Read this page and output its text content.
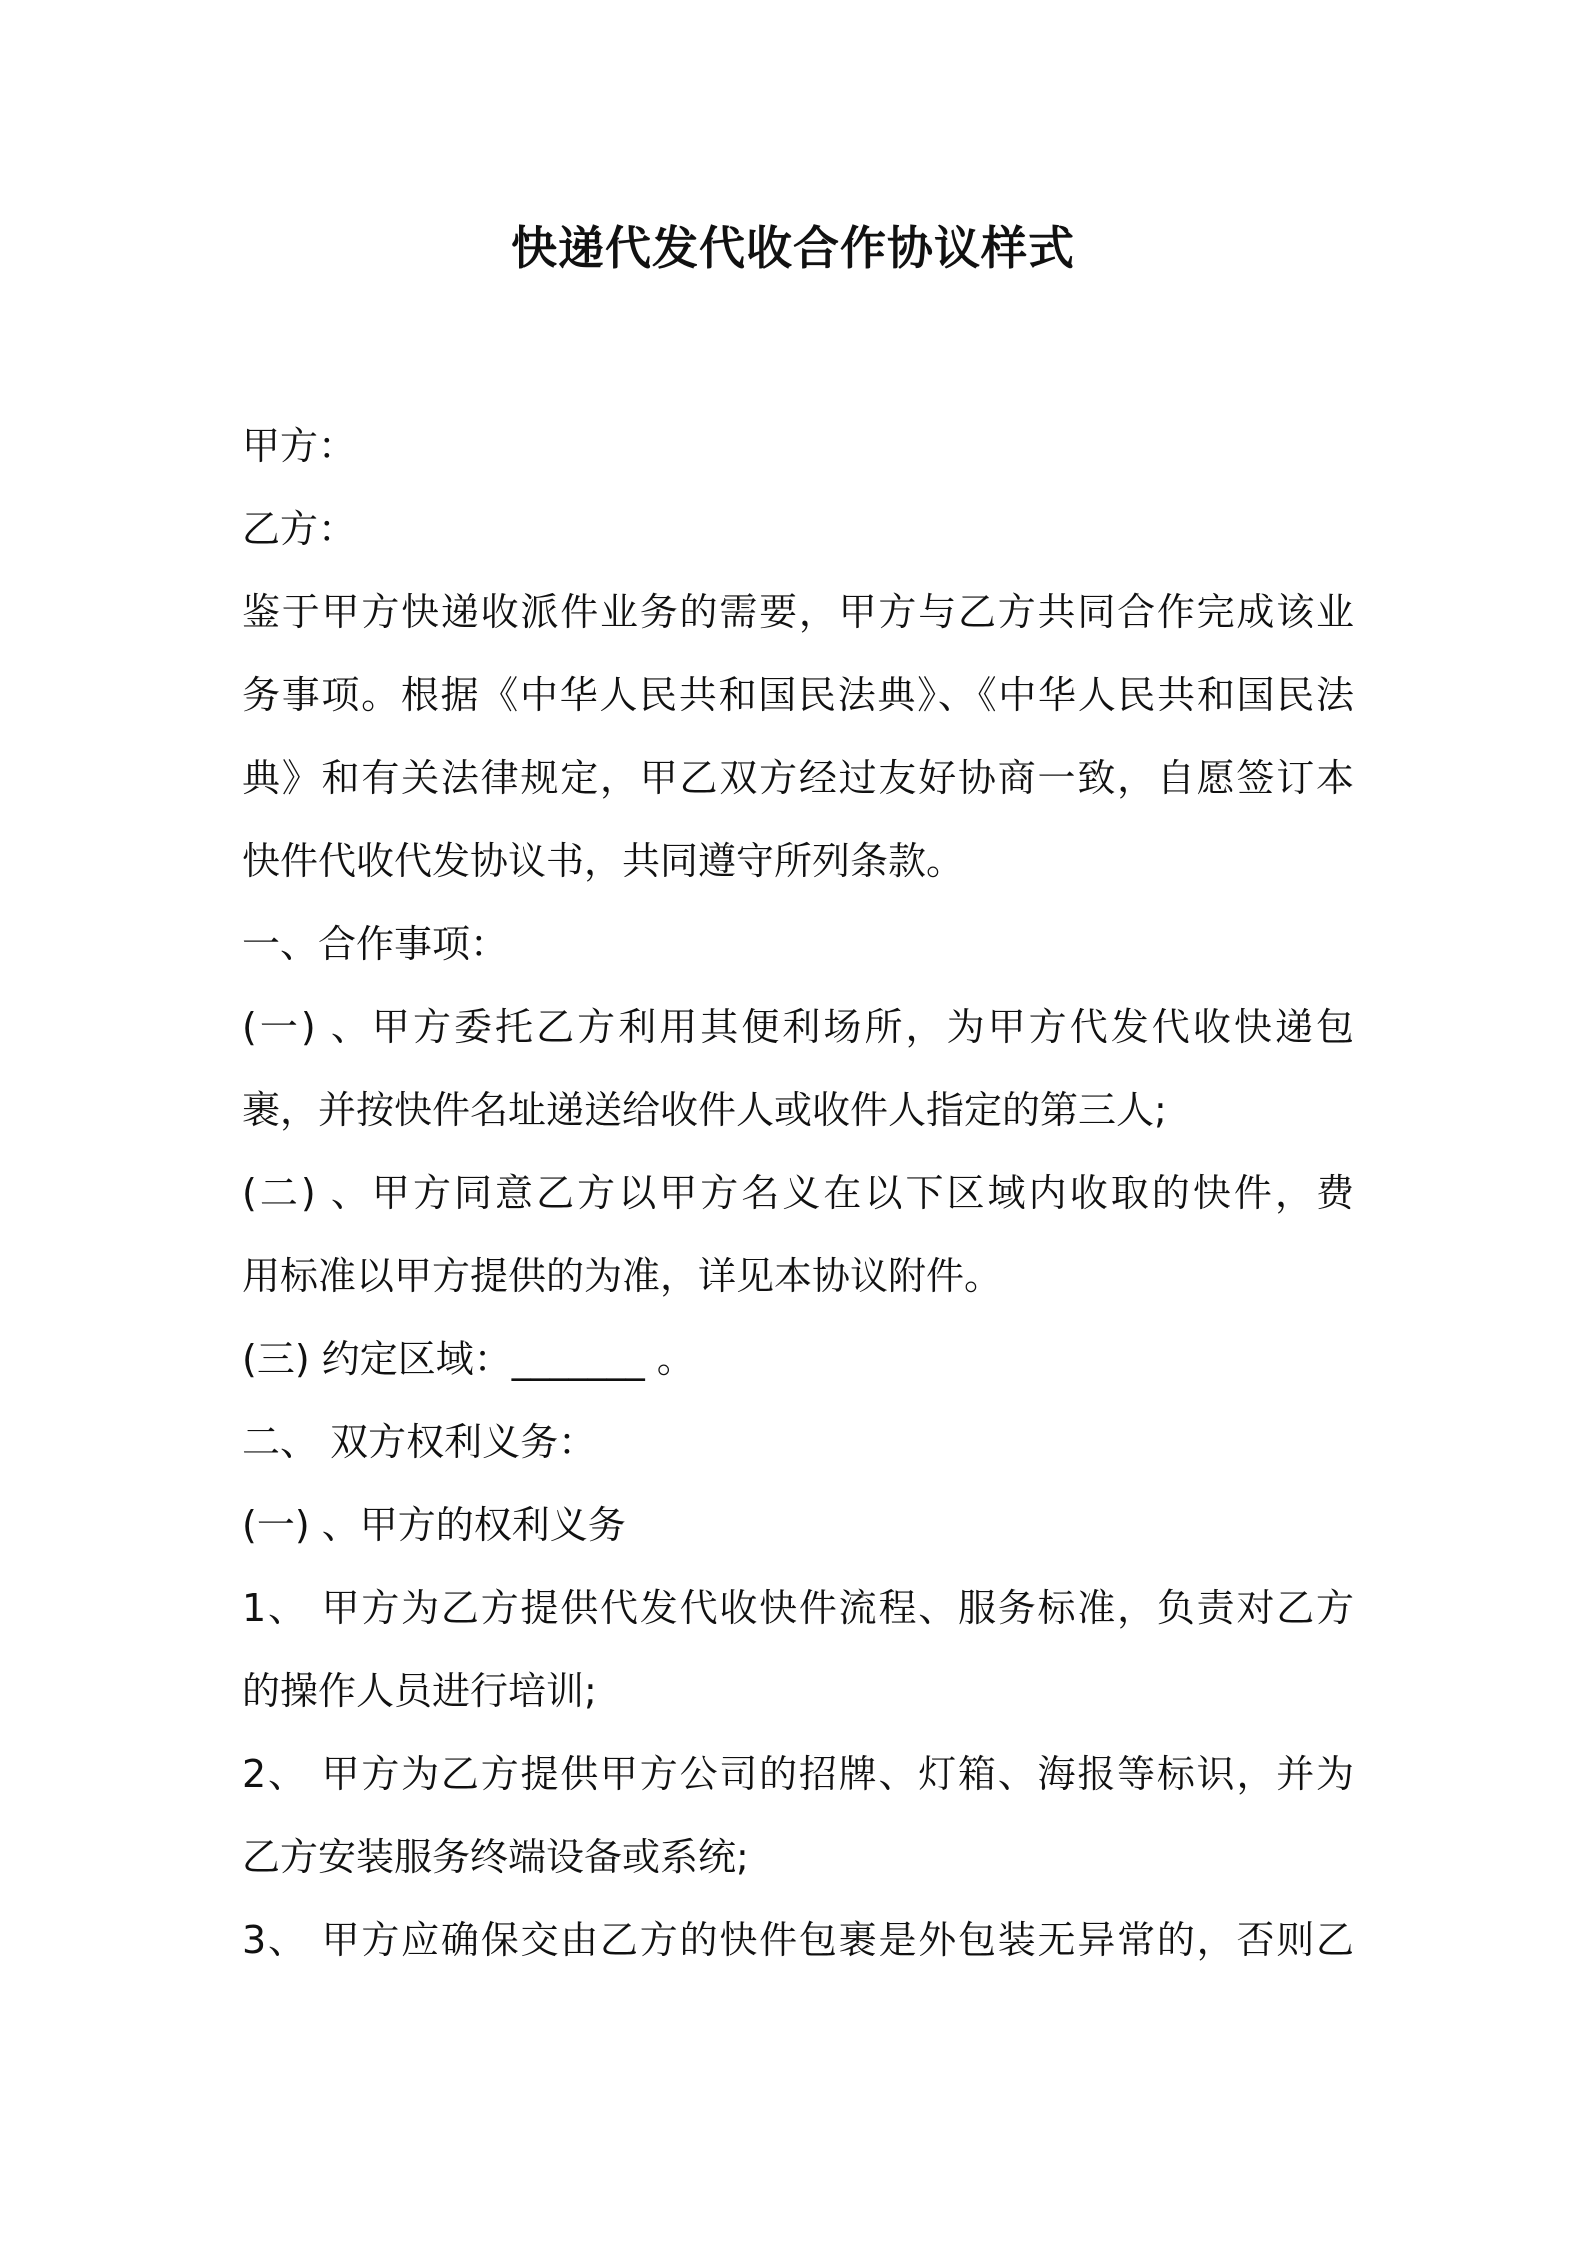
快递代发代收合作协议样式
甲方：
乙方：
鉴于甲方快递收派件业务的需要，甲方与乙方共同合作完成该业
务事项。根据《中华人民共和国民法典》、《中华人民共和国民法
典》和有关法律规定，甲乙双方经过友好协商一致，自愿签订本
快件代收代发协议书，共同遵守所列条款。
一、合作事项：
(一) 、甲方委托乙方利用其便利场所，为甲方代发代收快递包
裹，并按快件名址递送给收件人或收件人指定的第三人;
(二) 、甲方同意乙方以甲方名义在以下区域内收取的快件，费
用标准以甲方提供的为准，详见本协议附件。
(三) 约定区域：_______ 。
二、 双方权利义务：
(一) 、甲方的权利义务
1、 甲方为乙方提供代发代收快件流程、服务标准，负责对乙方
的操作人员进行培训;
2、 甲方为乙方提供甲方公司的招牌、灯箱、海报等标识，并为
乙方安装服务终端设备或系统;
3、 甲方应确保交由乙方的快件包裹是外包装无异常的，否则乙
